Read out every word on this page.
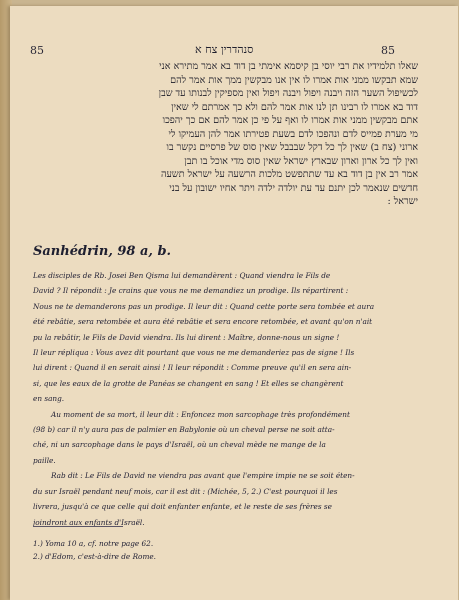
85	85
סנהדרין צח א
שאלו תלמידיו את רבי יוסי בן קיסמא אימתי בן דוד בא אמר מתירא אני
שמא תבקשו ממני אות אמרו לו אין אנו מבקשין ממך אות אמר להם
לכשיפול השער הזה ויבנה ויפול ויבנה ויפול ואין מספיקין לבנותו עד שבן
דוד בא אמרו לו רבינו תן לנו אות אמר להם ולא כך אמרתם לי שאין
אתם מבקשין ממני אות אמרו לו ואף על פי כן אמר להם אם כך יהפכו
מי מערת פמייס לדם ונהפכו לדם בשעת פטירתו אמר להן העמיקו לי
ארוני (צח ב) שאין לך כל דקל שבבבל שאין סוס של פרסיים נקשר בו
ואין לך כל ארון וארון שבארץ ישראל שאין סוס מדי אוכל בו תבן
אמר רב אין בן דוד בא עד שתתפשט מלכות הרשעה על ישראל תשעה
חדשים שנאמר לכן יתנם עד עת יולדה ילדה ויתר אחיו ישובון על בני
ישראל :
Sanhédrin, 98 a, b.
Les disciples de Rb. Josei Ben Qisma lui demandèrent : Quand viendra le Fils de
David ? Il répondit : Je crains que vous ne me demandiez un prodige. Ils répartirent :
Nous ne te demanderons pas un prodige. Il leur dit : Quand cette porte sera tombée et aura
été rebâtie, sera retombée et aura été rebâtie et sera encore retombée, et avant qu'on n'ait
pu la rebâtir, le Fils de David viendra. Ils lui dirent : Maître, donne-nous un signe !
Il leur répliqua : Vous avez dit pourtant que vous ne me demanderiez pas de signe ! Ils
lui dirent : Quand il en serait ainsi ! Il leur répondit : Comme preuve qu'il en sera ain-
si, que les eaux de la grotte de Panéas se changent en sang ! Et elles se changèrent
en sang.
Au moment de sa mort, il leur dit : Enfoncez mon sarcophage très profondément
(98 b) car il n'y aura pas de palmier en Babylonie où un cheval perse ne soit atta-
ché, ni un sarcophage dans le pays d'Israël, où un cheval mède ne mange de la
paille.
Rab dit : Le Fils de David ne viendra pas avant que l'empire impie ne se soit éten-
du sur Israël pendant neuf mois, car il est dit : (Michée, 5, 2.) C'est pourquoi il les
livrera, jusqu'à ce que celle qui doit enfanter enfante, et le reste de ses frères se
joindront aux enfants d'Israël.
1.) Yoma 10 a, cf. notre page 62.
2.) d'Edom, c'est-à-dire de Rome.
